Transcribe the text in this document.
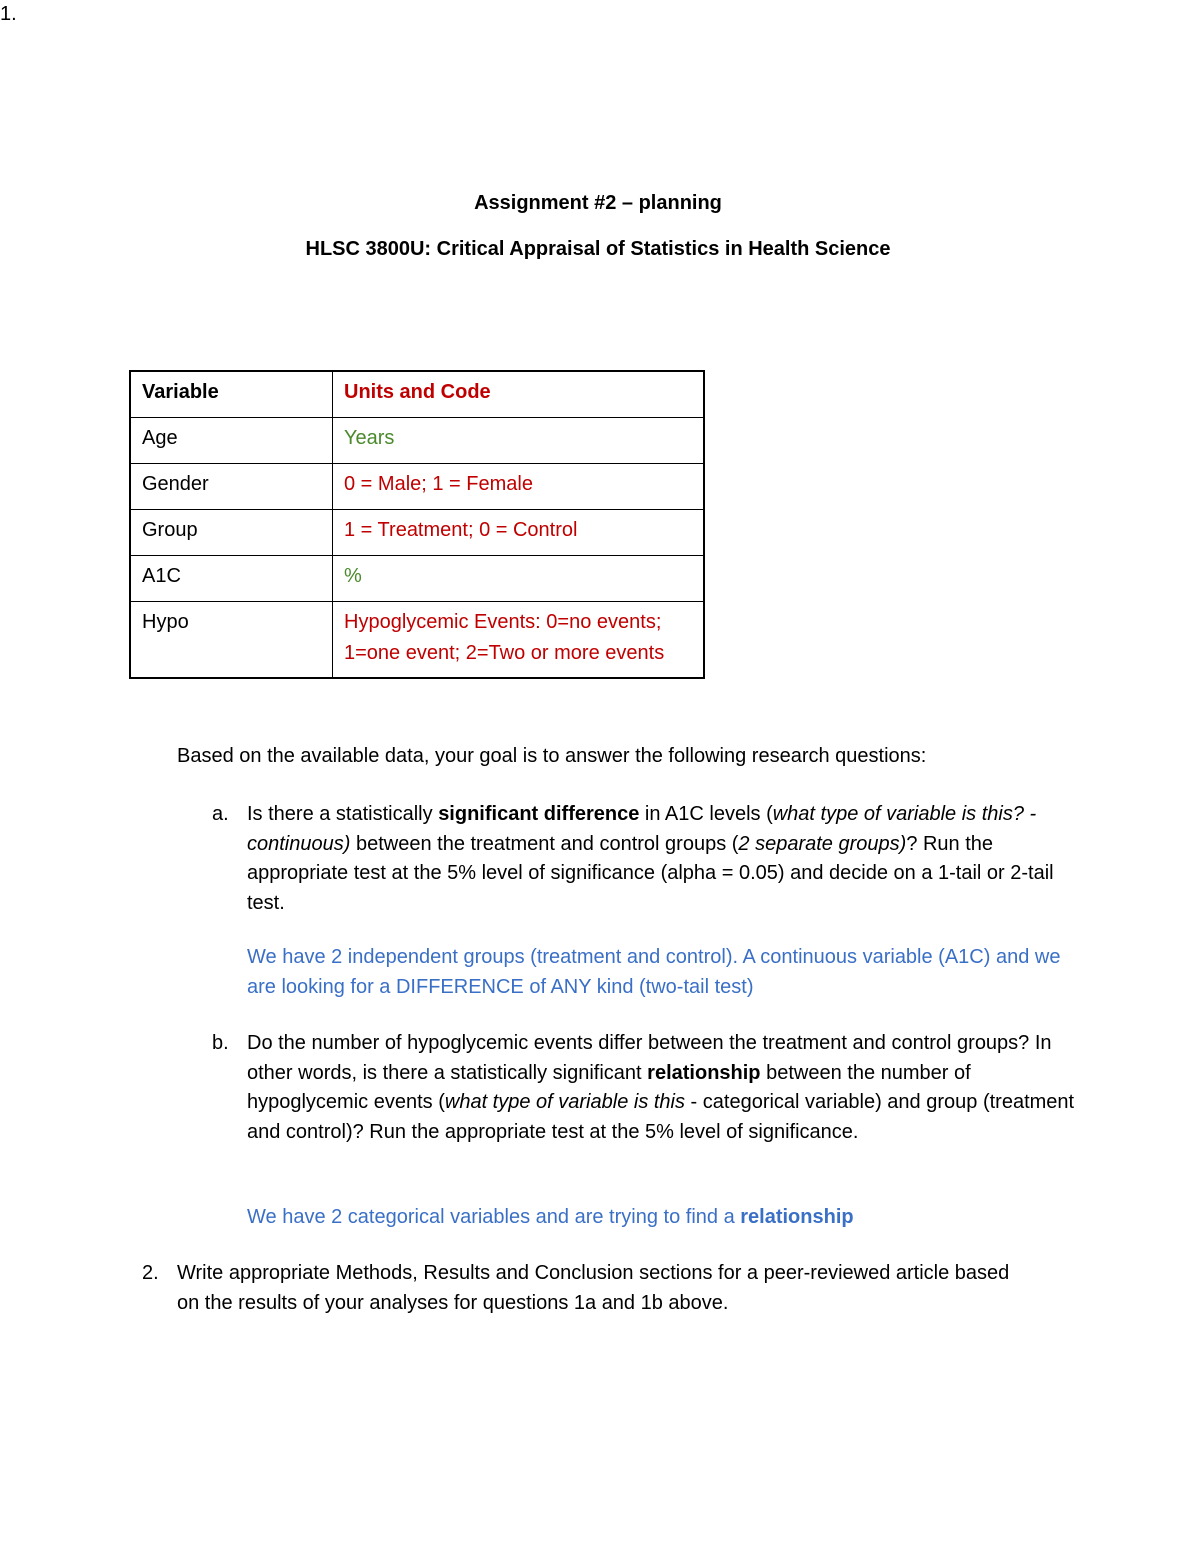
Assignment #2 – planning
HLSC 3800U: Critical Appraisal of Statistics in Health Science
Variable	Units and Code
Age	Years
Gender	0 = Male; 1 = Female
Group	1 = Treatment; 0 = Control
A1C	%
Hypo	Hypoglycemic Events: 0=no events;
1=one event; 2=Two or more events
1.
Based on the available data, your goal is to answer the following research questions:
a. Is there a statistically significant difference in A1C levels (what type of variable is this? - continuous) between the treatment and control groups (2 separate groups)? Run the appropriate test at the 5% level of significance (alpha = 0.05) and decide on a 1-tail or 2-tail test.
We have 2 independent groups (treatment and control). A continuous variable (A1C) and we are looking for a DIFFERENCE of ANY kind (two-tail test)
b. Do the number of hypoglycemic events differ between the treatment and control groups? In other words, is there a statistically significant relationship between the number of hypoglycemic events (what type of variable is this - categorical variable) and group (treatment and control)? Run the appropriate test at the 5% level of significance.
We have 2 categorical variables and are trying to find a relationship
2. Write appropriate Methods, Results and Conclusion sections for a peer-reviewed article based on the results of your analyses for questions 1a and 1b above.
